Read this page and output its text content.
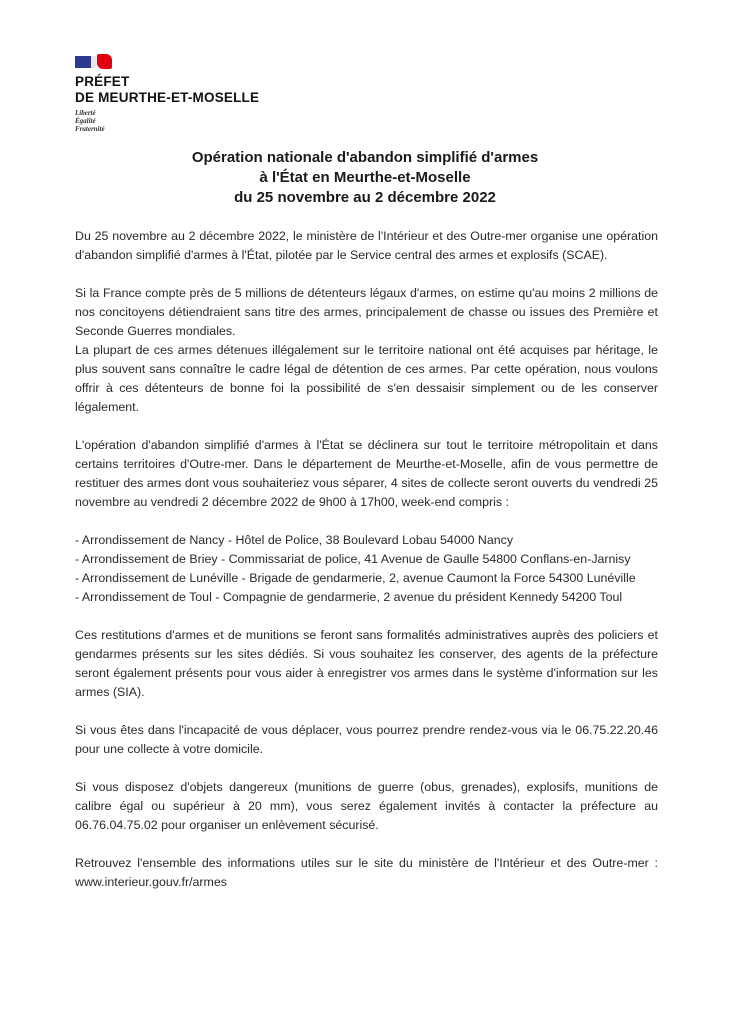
PRÉFET
DE MEURTHE-ET-MOSELLE
Liberté
Égalité
Fraternité
Opération nationale d'abandon simplifié d'armes
à l'État en Meurthe-et-Moselle
du 25 novembre au 2 décembre 2022

Du 25 novembre au 2 décembre 2022, le ministère de l'Intérieur et des Outre-mer organise une opération d'abandon simplifié d'armes à l'État, pilotée par le Service central des armes et explosifs (SCAE).

Si la France compte près de 5 millions de détenteurs légaux d'armes, on estime qu'au moins 2 millions de nos concitoyens détiendraient sans titre des armes, principalement de chasse ou issues des Première et Seconde Guerres mondiales.

La plupart de ces armes détenues illégalement sur le territoire national ont été acquises par héritage, le plus souvent sans connaître le cadre légal de détention de ces armes. Par cette opération, nous voulons offrir à ces détenteurs de bonne foi la possibilité de s'en dessaisir simplement ou de les conserver légalement.

L'opération d'abandon simplifié d'armes à l'État se déclinera sur tout le territoire métropolitain et dans certains territoires d'Outre-mer. Dans le département de Meurthe-et-Moselle, afin de vous permettre de restituer des armes dont vous souhaiteriez vous séparer, 4 sites de collecte seront ouverts du vendredi 25 novembre au vendredi 2 décembre 2022 de 9h00 à 17h00, week-end compris :

- Arrondissement de Nancy - Hôtel de Police, 38 Boulevard Lobau 54000 Nancy
- Arrondissement de Briey - Commissariat de police, 41 Avenue de Gaulle 54800 Conflans-en-Jarnisy
- Arrondissement de Lunéville - Brigade de gendarmerie, 2, avenue Caumont la Force 54300 Lunéville
- Arrondissement de Toul - Compagnie de gendarmerie, 2 avenue du président Kennedy 54200 Toul

Ces restitutions d'armes et de munitions se feront sans formalités administratives auprès des policiers et gendarmes présents sur les sites dédiés. Si vous souhaitez les conserver, des agents de la préfecture seront également présents pour vous aider à enregistrer vos armes dans le système d'information sur les armes (SIA).

Si vous êtes dans l'incapacité de vous déplacer, vous pourrez prendre rendez-vous via le 06.75.22.20.46 pour une collecte à votre domicile.

Si vous disposez d'objets dangereux (munitions de guerre (obus, grenades), explosifs, munitions de calibre égal ou supérieur à 20 mm), vous serez également invités à contacter la préfecture au 06.76.04.75.02 pour organiser un enlèvement sécurisé.

Retrouvez l'ensemble des informations utiles sur le site du ministère de l'Intérieur et des Outre-mer : www.interieur.gouv.fr/armes
